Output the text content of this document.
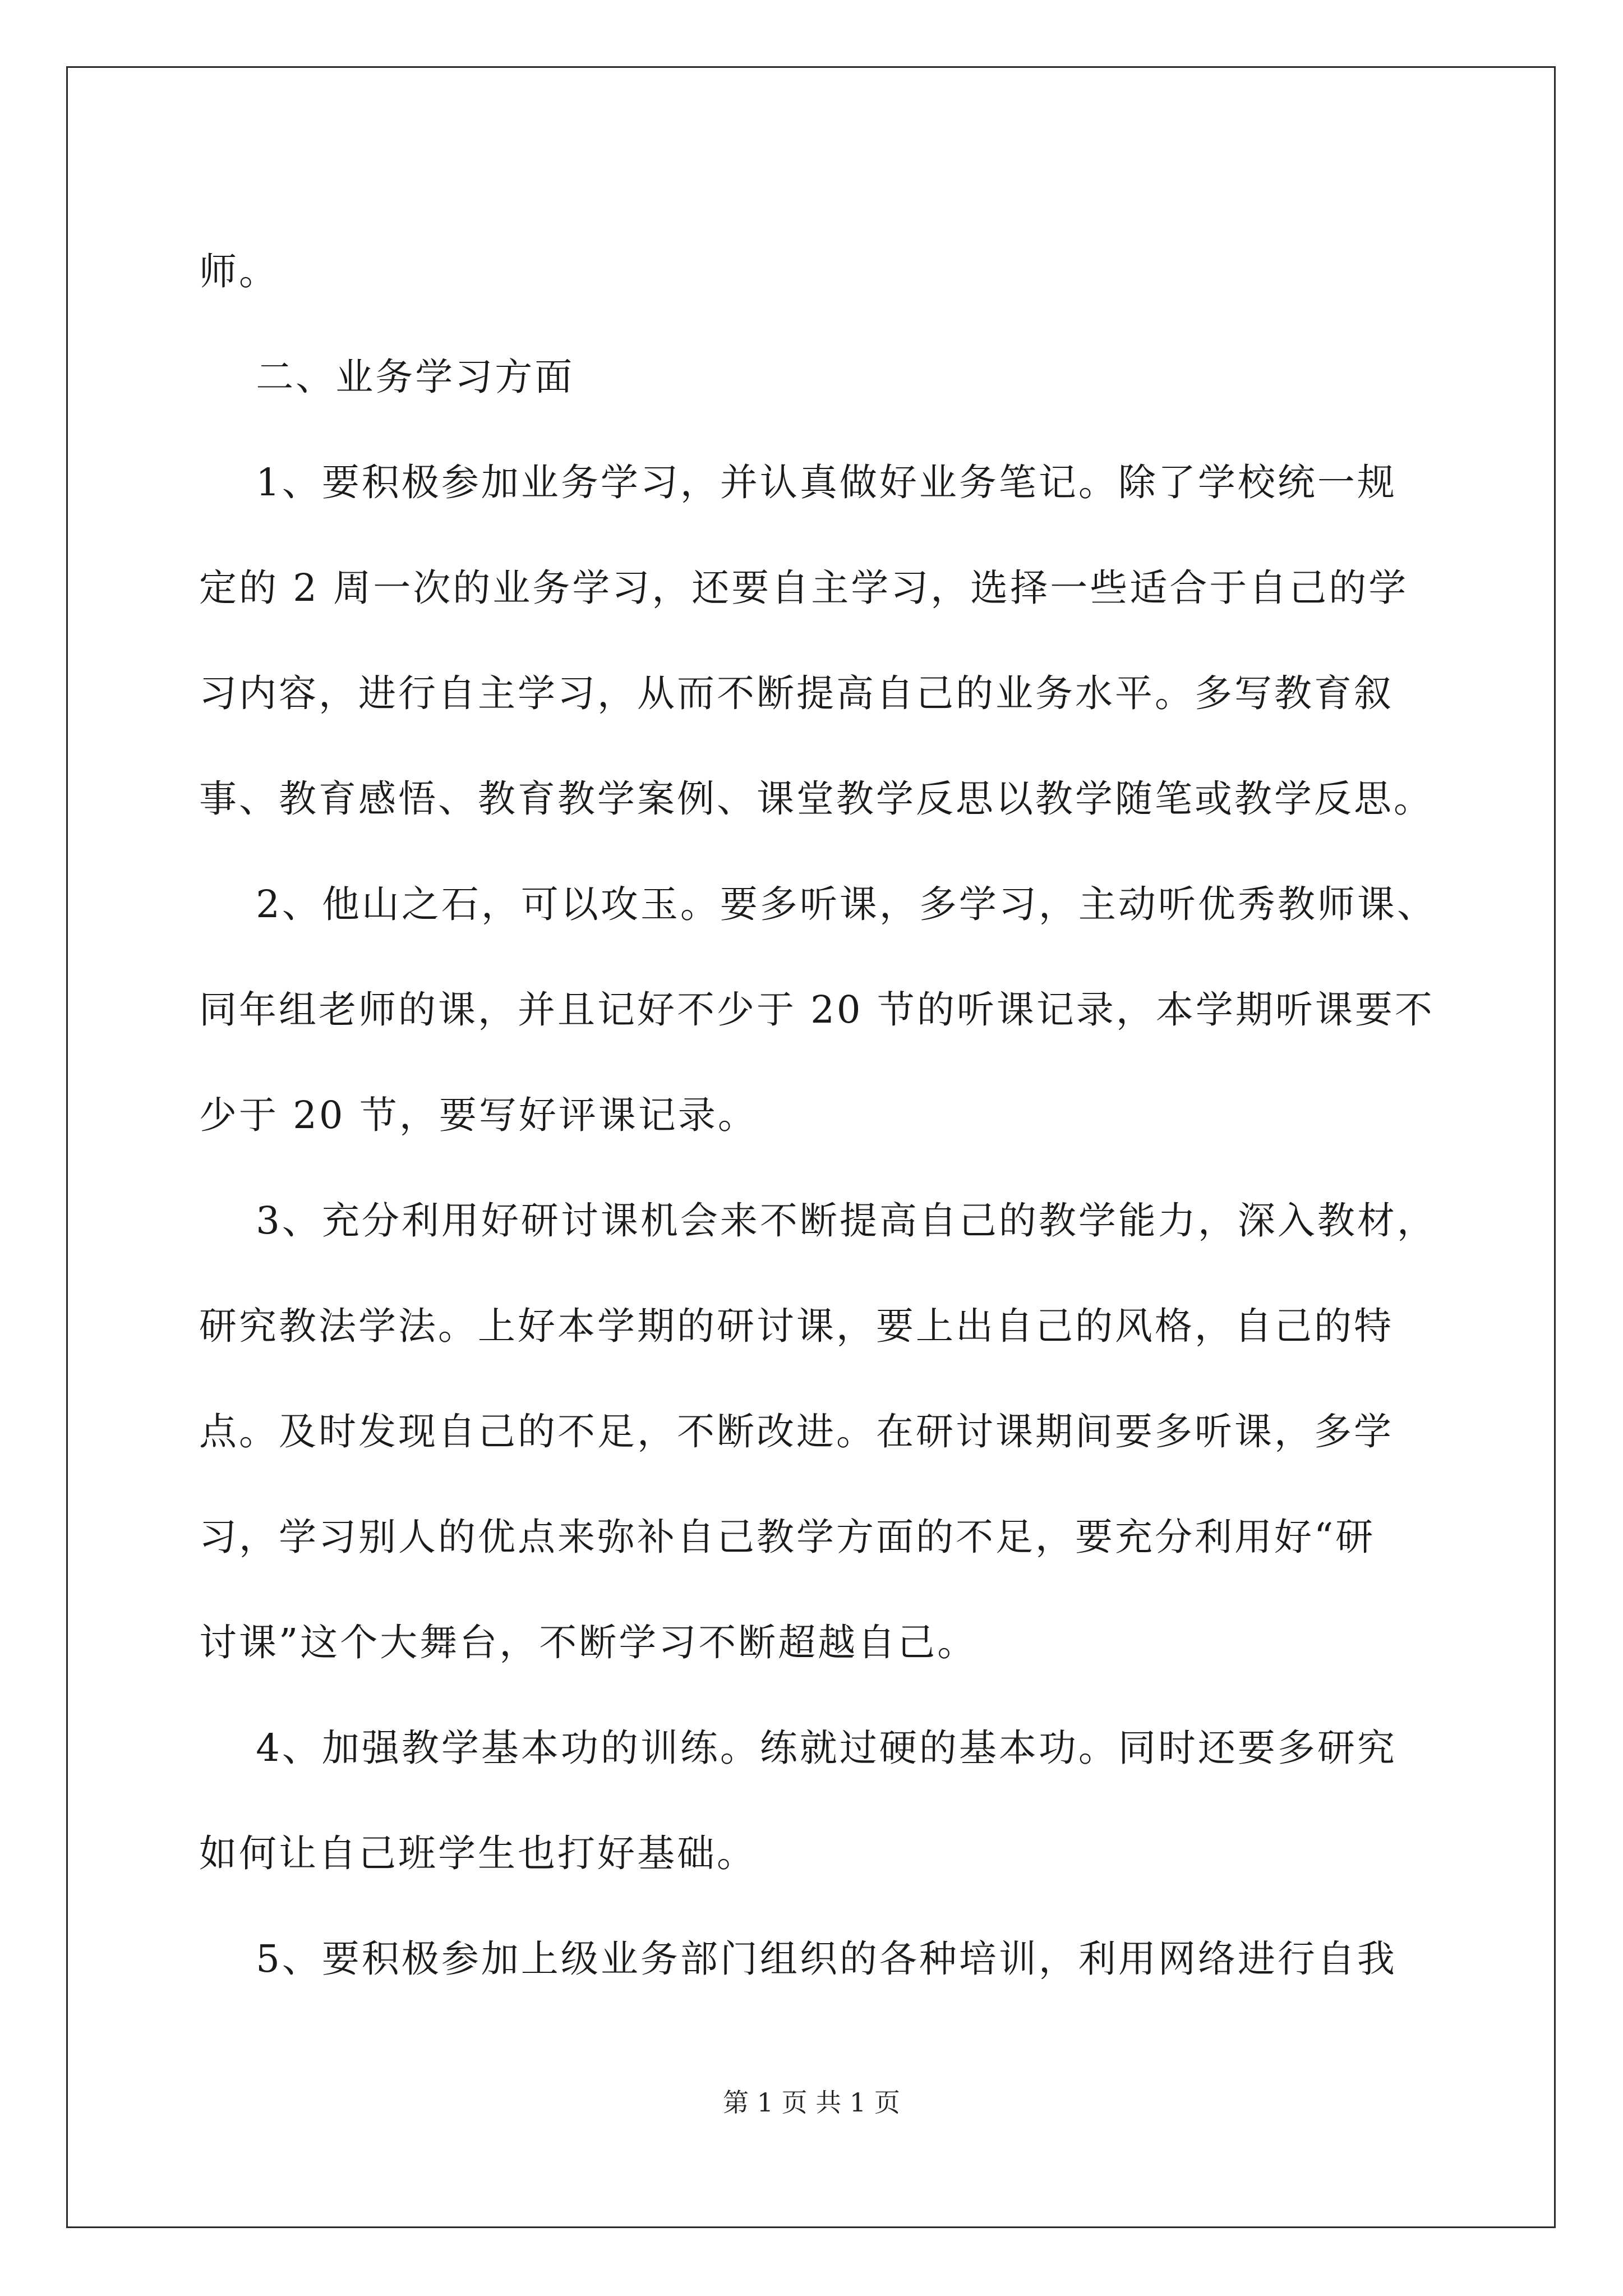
师。
二、业务学习方面
1、要积极参加业务学习，并认真做好业务笔记。除了学校统一规
定的 2 周一次的业务学习，还要自主学习，选择一些适合于自己的学
习内容，进行自主学习，从而不断提高自己的业务水平。多写教育叙
事、教育感悟、教育教学案例、课堂教学反思以教学随笔或教学反思。
2、他山之石，可以攻玉。要多听课，多学习，主动听优秀教师课、
同年组老师的课，并且记好不少于 20 节的听课记录，本学期听课要不
少于 20 节，要写好评课记录。
3、充分利用好研讨课机会来不断提高自己的教学能力，深入教材，
研究教法学法。上好本学期的研讨课，要上出自己的风格，自己的特
点。及时发现自己的不足，不断改进。在研讨课期间要多听课，多学
习，学习别人的优点来弥补自己教学方面的不足，要充分利用好“研
讨课”这个大舞台，不断学习不断超越自己。
4、加强教学基本功的训练。练就过硬的基本功。同时还要多研究
如何让自己班学生也打好基础。
5、要积极参加上级业务部门组织的各种培训，利用网络进行自我
第 1 页 共 1 页
